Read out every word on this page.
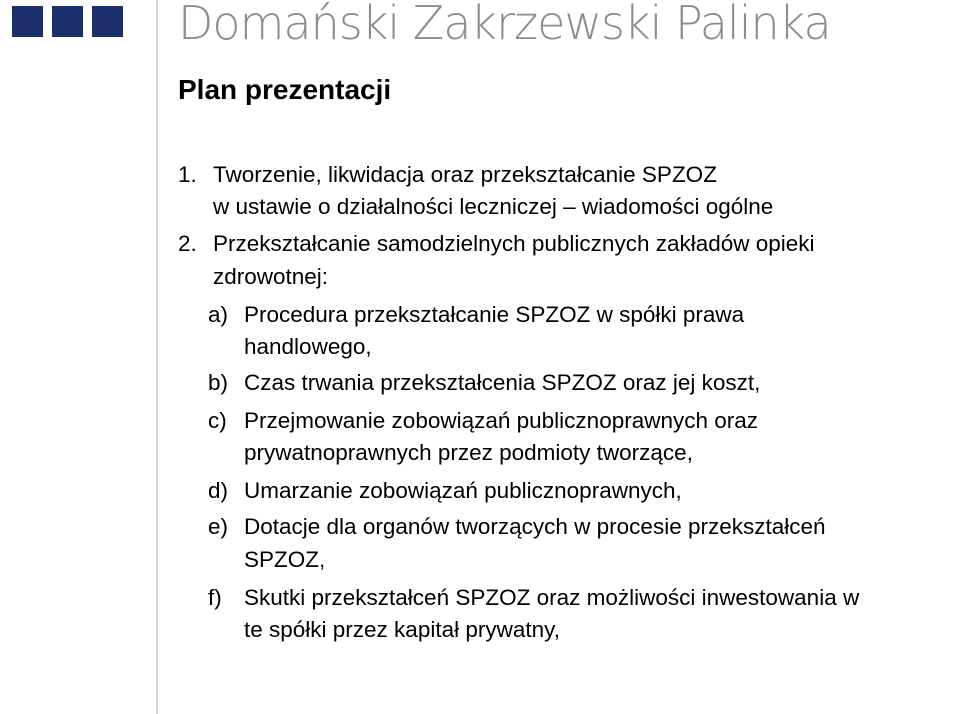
Domański Zakrzewski Palinka
Plan prezentacji
1. Tworzenie, likwidacja oraz przekształcanie SPZOZ
w ustawie o działalności leczniczej – wiadomości ogólne
2. Przekształcanie samodzielnych publicznych zakładów opieki
zdrowotnej:
a) Procedura przekształcanie SPZOZ w spółki prawa
handlowego,
b) Czas trwania przekształcenia SPZOZ oraz jej koszt,
c) Przejmowanie zobowiązań publicznoprawnych oraz
prywatnoprawnych przez podmioty tworzące,
d) Umarzanie zobowiązań publicznoprawnych,
e) Dotacje dla organów tworzących w procesie przekształceń
SPZOZ,
f) Skutki przekształceń SPZOZ oraz możliwości inwestowania w
te spółki przez kapitał prywatny,
